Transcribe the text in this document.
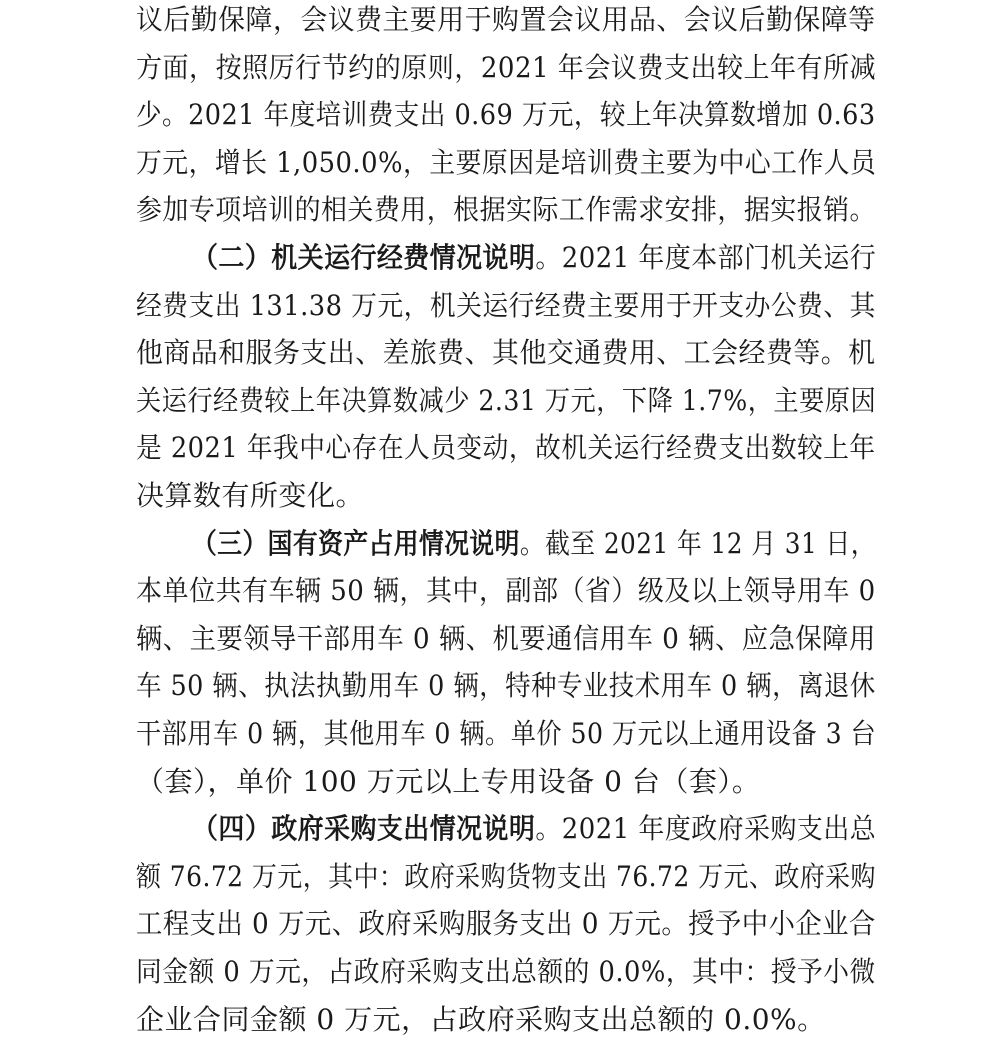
议后勤保障，会议费主要用于购置会议用品、会议后勤保障等
方面，按照厉行节约的原则，2021 年会议费支出较上年有所减
少。2021 年度培训费支出 0.69 万元，较上年决算数增加 0.63
万元，增长 1,050.0%，主要原因是培训费主要为中心工作人员
参加专项培训的相关费用，根据实际工作需求安排，据实报销。
（二）机关运行经费情况说明。2021 年度本部门机关运行
经费支出 131.38 万元，机关运行经费主要用于开支办公费、其
他商品和服务支出、差旅费、其他交通费用、工会经费等。机
关运行经费较上年决算数减少 2.31 万元，下降 1.7%，主要原因
是 2021 年我中心存在人员变动，故机关运行经费支出数较上年
决算数有所变化。
（三）国有资产占用情况说明。截至 2021 年 12 月 31 日，
本单位共有车辆 50 辆，其中，副部（省）级及以上领导用车 0
辆、主要领导干部用车 0 辆、机要通信用车 0 辆、应急保障用
车 50 辆、执法执勤用车 0 辆，特种专业技术用车 0 辆，离退休
干部用车 0 辆，其他用车 0 辆。单价 50 万元以上通用设备 3 台
（套），单价 100 万元以上专用设备 0 台（套）。
（四）政府采购支出情况说明。2021 年度政府采购支出总
额 76.72 万元，其中：政府采购货物支出 76.72 万元、政府采购
工程支出 0 万元、政府采购服务支出 0 万元。授予中小企业合
同金额 0 万元，占政府采购支出总额的 0.0%，其中：授予小微
企业合同金额 0 万元，占政府采购支出总额的 0.0%。
